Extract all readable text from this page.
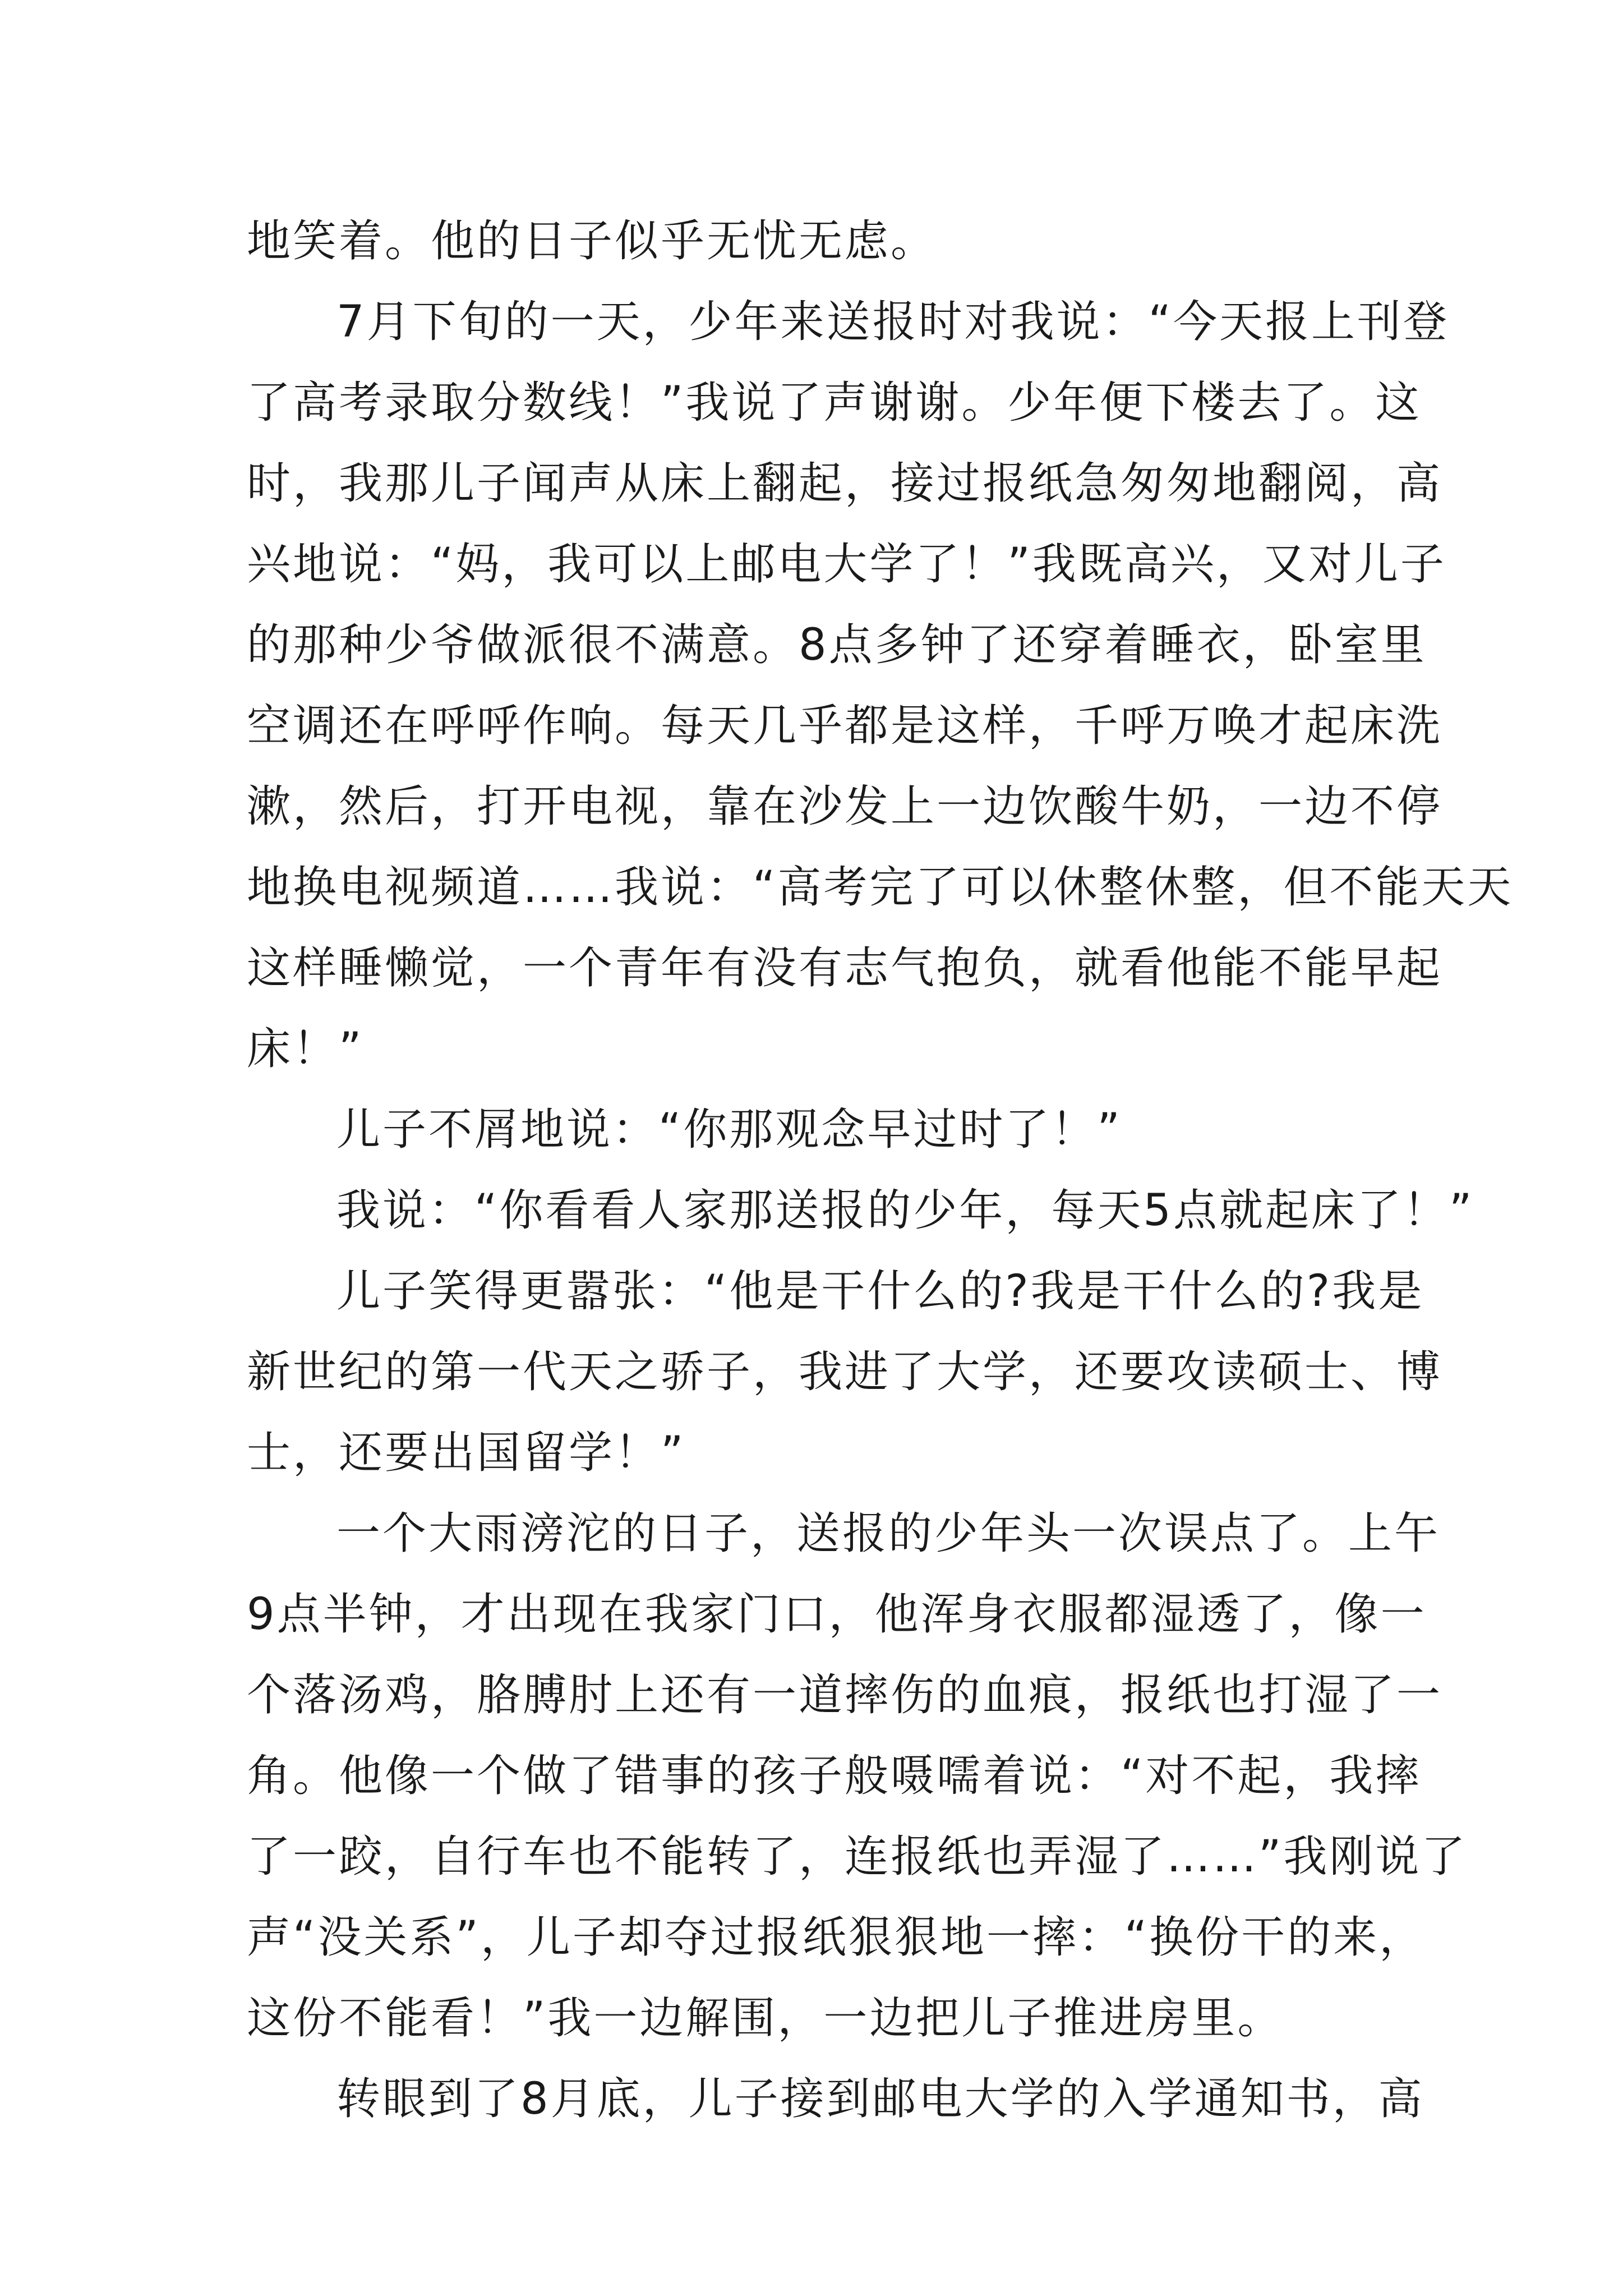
地笑着。他的日子似乎无忧无虑。

7月下旬的一天，少年来送报时对我说：“今天报上刊登

了高考录取分数线！”我说了声谢谢。少年便下楼去了。这

时，我那儿子闻声从床上翻起，接过报纸急匆匆地翻阅，高

兴地说：“妈，我可以上邮电大学了！”我既高兴，又对儿子

的那种少爷做派很不满意。8点多钟了还穿着睡衣，卧室里

空调还在呼呼作响。每天几乎都是这样，千呼万唤才起床洗

漱，然后，打开电视，靠在沙发上一边饮酸牛奶，一边不停

地换电视频道……我说：“高考完了可以休整休整，但不能天天

这样睡懒觉，一个青年有没有志气抱负，就看他能不能早起

床！”

儿子不屑地说：“你那观念早过时了！”

我说：“你看看人家那送报的少年，每天5点就起床了！”

儿子笑得更嚣张：“他是干什么的?我是干什么的?我是

新世纪的第一代天之骄子，我进了大学，还要攻读硕士、博

士，还要出国留学！”

一个大雨滂沱的日子，送报的少年头一次误点了。上午

9点半钟，才出现在我家门口，他浑身衣服都湿透了，像一

个落汤鸡，胳膊肘上还有一道摔伤的血痕，报纸也打湿了一

角。他像一个做了错事的孩子般嗫嚅着说：“对不起，我摔

了一跤，自行车也不能转了，连报纸也弄湿了……”我刚说了

声“没关系”，儿子却夺过报纸狠狠地一摔：“换份干的来，

这份不能看！”我一边解围，一边把儿子推进房里。

转眼到了8月底，儿子接到邮电大学的入学通知书，高
